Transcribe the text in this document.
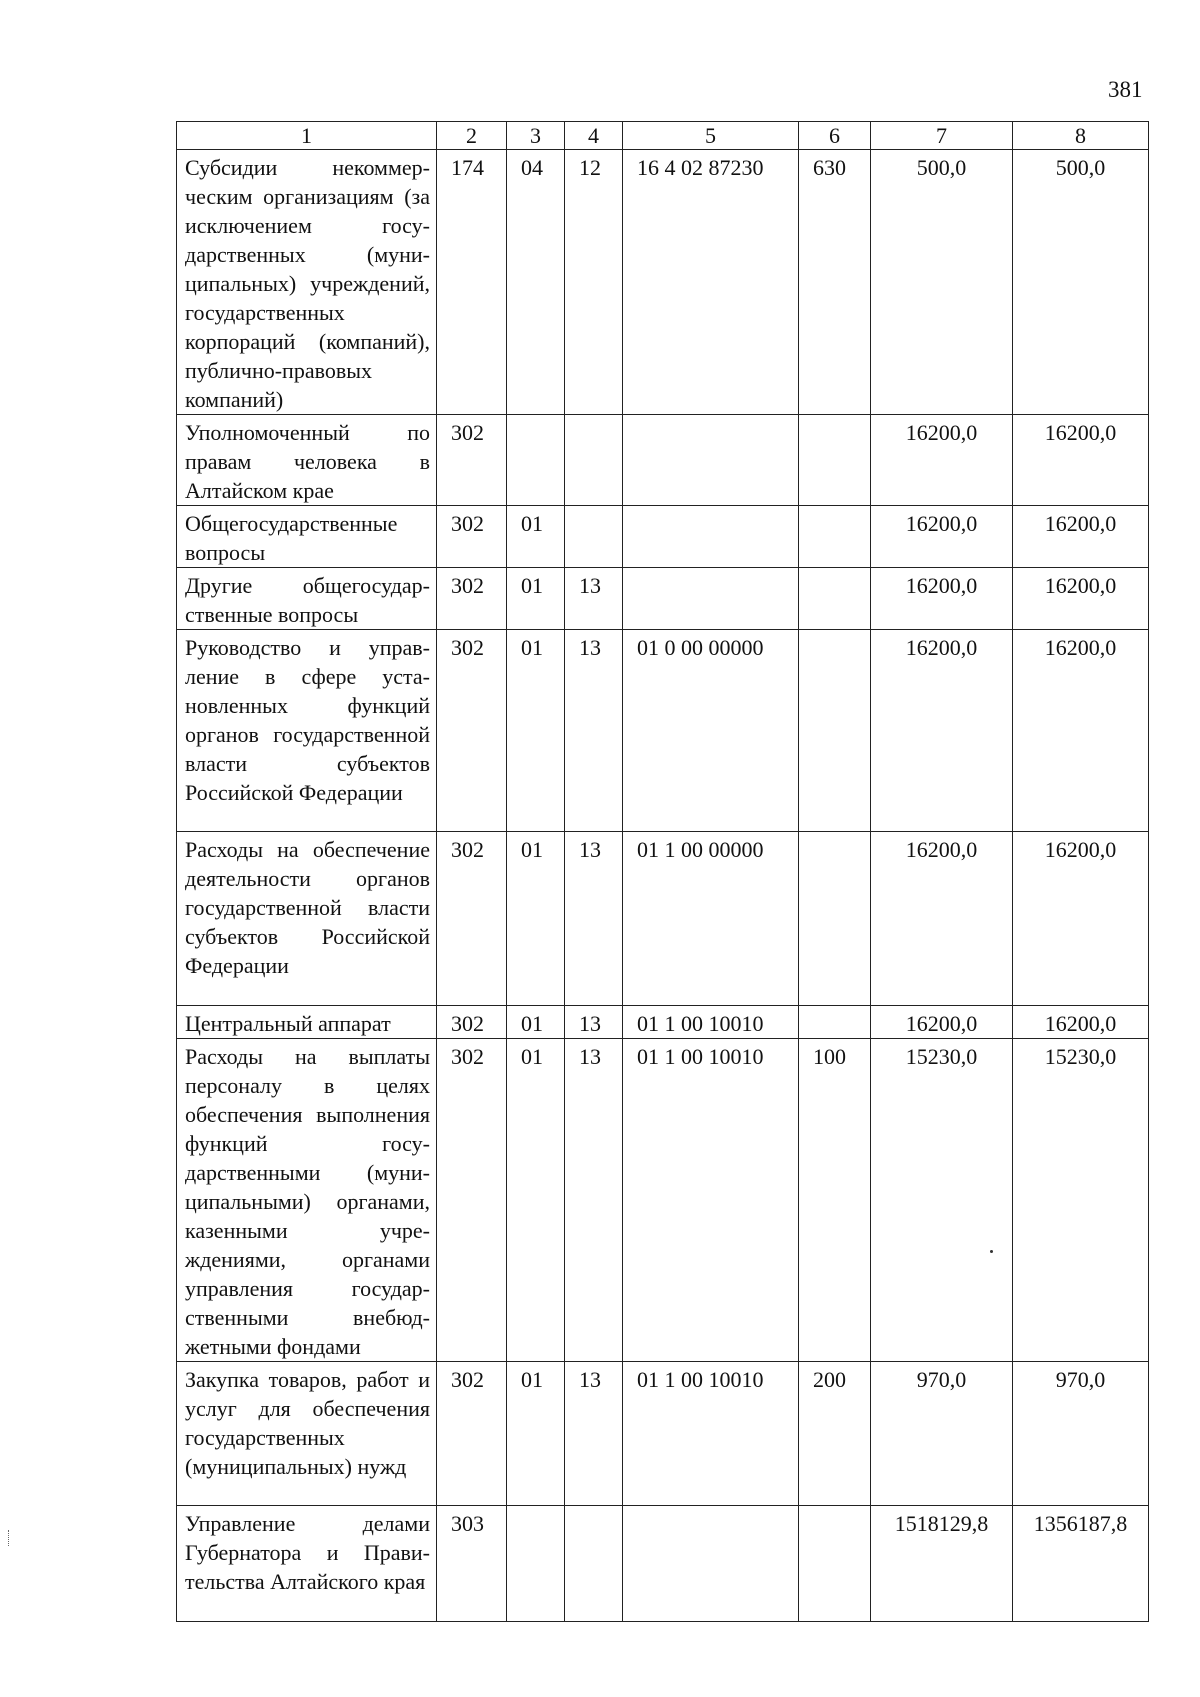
381
1	2	3	4	5	6	7	8
Субсидии некоммерческим организациям (за исключением государственных (муниципальных) учреждений, государственных корпораций (компаний), публично-правовых компаний)	174	04	12	16 4 02 87230	630	500,0	500,0
Уполномоченный по правам человека в Алтайском крае	302					16200,0	16200,0
Общегосударственные вопросы	302	01				16200,0	16200,0
Другие общегосударственные вопросы	302	01	13			16200,0	16200,0
Руководство и управление в сфере установленных функций органов государственной власти субъектов Российской Федерации	302	01	13	01 0 00 00000		16200,0	16200,0
Расходы на обеспечение деятельности органов государственной власти субъектов Российской Федерации	302	01	13	01 1 00 00000		16200,0	16200,0
Центральный аппарат	302	01	13	01 1 00 10010		16200,0	16200,0
Расходы на выплаты персоналу в целях обеспечения выполнения функций государственными (муниципальными) органами, казенными учреждениями, органами управления государственными внебюджетными фондами	302	01	13	01 1 00 10010	100	15230,0	15230,0
Закупка товаров, работ и услуг для обеспечения государственных (муниципальных) нужд	302	01	13	01 1 00 10010	200	970,0	970,0
Управление делами Губернатора и Правительства Алтайского края	303					1518129,8	1356187,8
